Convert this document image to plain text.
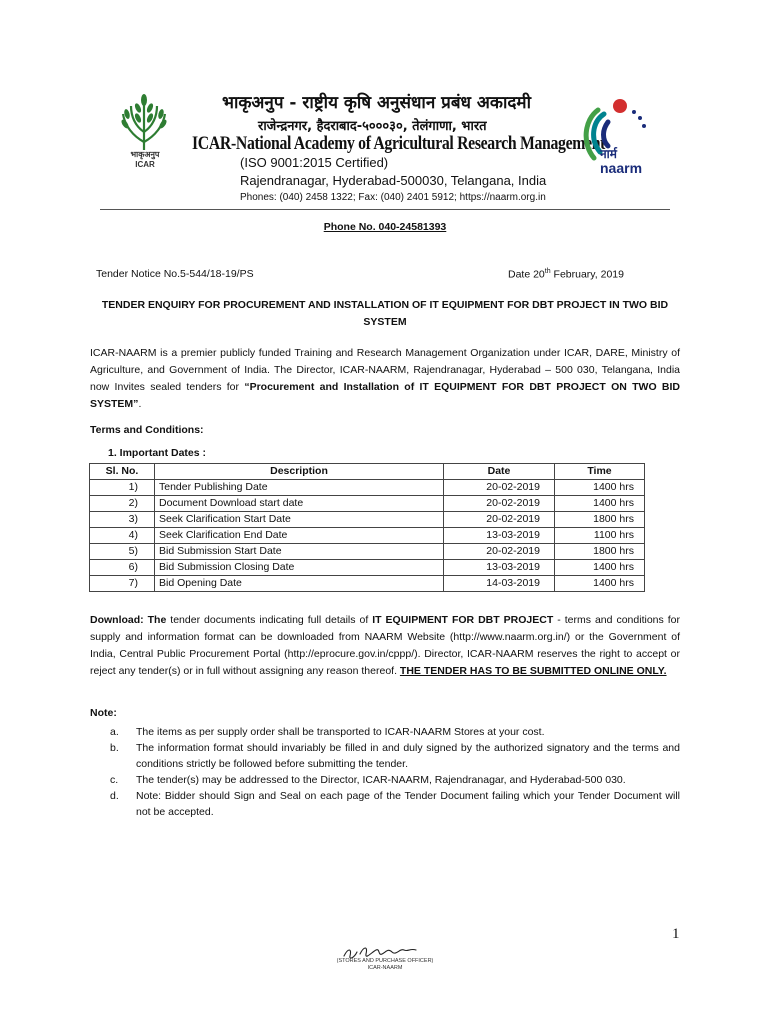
भाकृअनुप
ICAR
भाकृअनुप - राष्ट्रीय कृषि अनुसंधान प्रबंध अकादमी
राजेन्द्रनगर, हैदराबाद-५०००३०, तेलंगाणा, भारत
ICAR-National Academy of Agricultural Research Management
(ISO 9001:2015 Certified)
Rajendranagar, Hyderabad-500030, Telangana, India
Phones: (040) 2458 1322; Fax: (040) 2401 5912; https://naarm.org.in
नार्म
naarm
Phone No. 040-24581393
Tender Notice No.5-544/18-19/PS	Date 20th February, 2019
TENDER ENQUIRY FOR PROCUREMENT AND INSTALLATION OF IT EQUIPMENT FOR DBT PROJECT IN TWO BID SYSTEM
ICAR-NAARM is a premier publicly funded Training and Research Management Organization under ICAR, DARE, Ministry of Agriculture, and Government of India. The Director, ICAR-NAARM, Rajendranagar, Hyderabad – 500 030, Telangana, India now Invites sealed tenders for “Procurement and Installation of IT EQUIPMENT FOR DBT PROJECT ON TWO BID SYSTEM”.
Terms and Conditions:
1. Important Dates :
Sl. No.	Description	Date	Time
1)	Tender Publishing Date	20-02-2019	1400 hrs
2)	Document Download start date	20-02-2019	1400 hrs
3)	Seek Clarification Start Date	20-02-2019	1800 hrs
4)	Seek Clarification End Date	13-03-2019	1100 hrs
5)	Bid Submission Start Date	20-02-2019	1800 hrs
6)	Bid Submission Closing Date	13-03-2019	1400 hrs
7)	Bid Opening Date	14-03-2019	1400 hrs
Download: The tender documents indicating full details of IT EQUIPMENT FOR DBT PROJECT - terms and conditions for supply and information format can be downloaded from NAARM Website (http://www.naarm.org.in/) or the Government of India, Central Public Procurement Portal (http://eprocure.gov.in/cppp/). Director, ICAR-NAARM reserves the right to accept or reject any tender(s) or in full without assigning any reason thereof. THE TENDER HAS TO BE SUBMITTED ONLINE ONLY.
Note:
a. The items as per supply order shall be transported to ICAR-NAARM Stores at your cost.
b. The information format should invariably be filled in and duly signed by the authorized signatory and the terms and conditions strictly be followed before submitting the tender.
c. The tender(s) may be addressed to the Director, ICAR-NAARM, Rajendranagar, and Hyderabad-500 030.
d. Note: Bidder should Sign and Seal on each page of the Tender Document failing which your Tender Document will not be accepted.
1
(STORES AND PURCHASE OFFICER)
ICAR-NAARM
